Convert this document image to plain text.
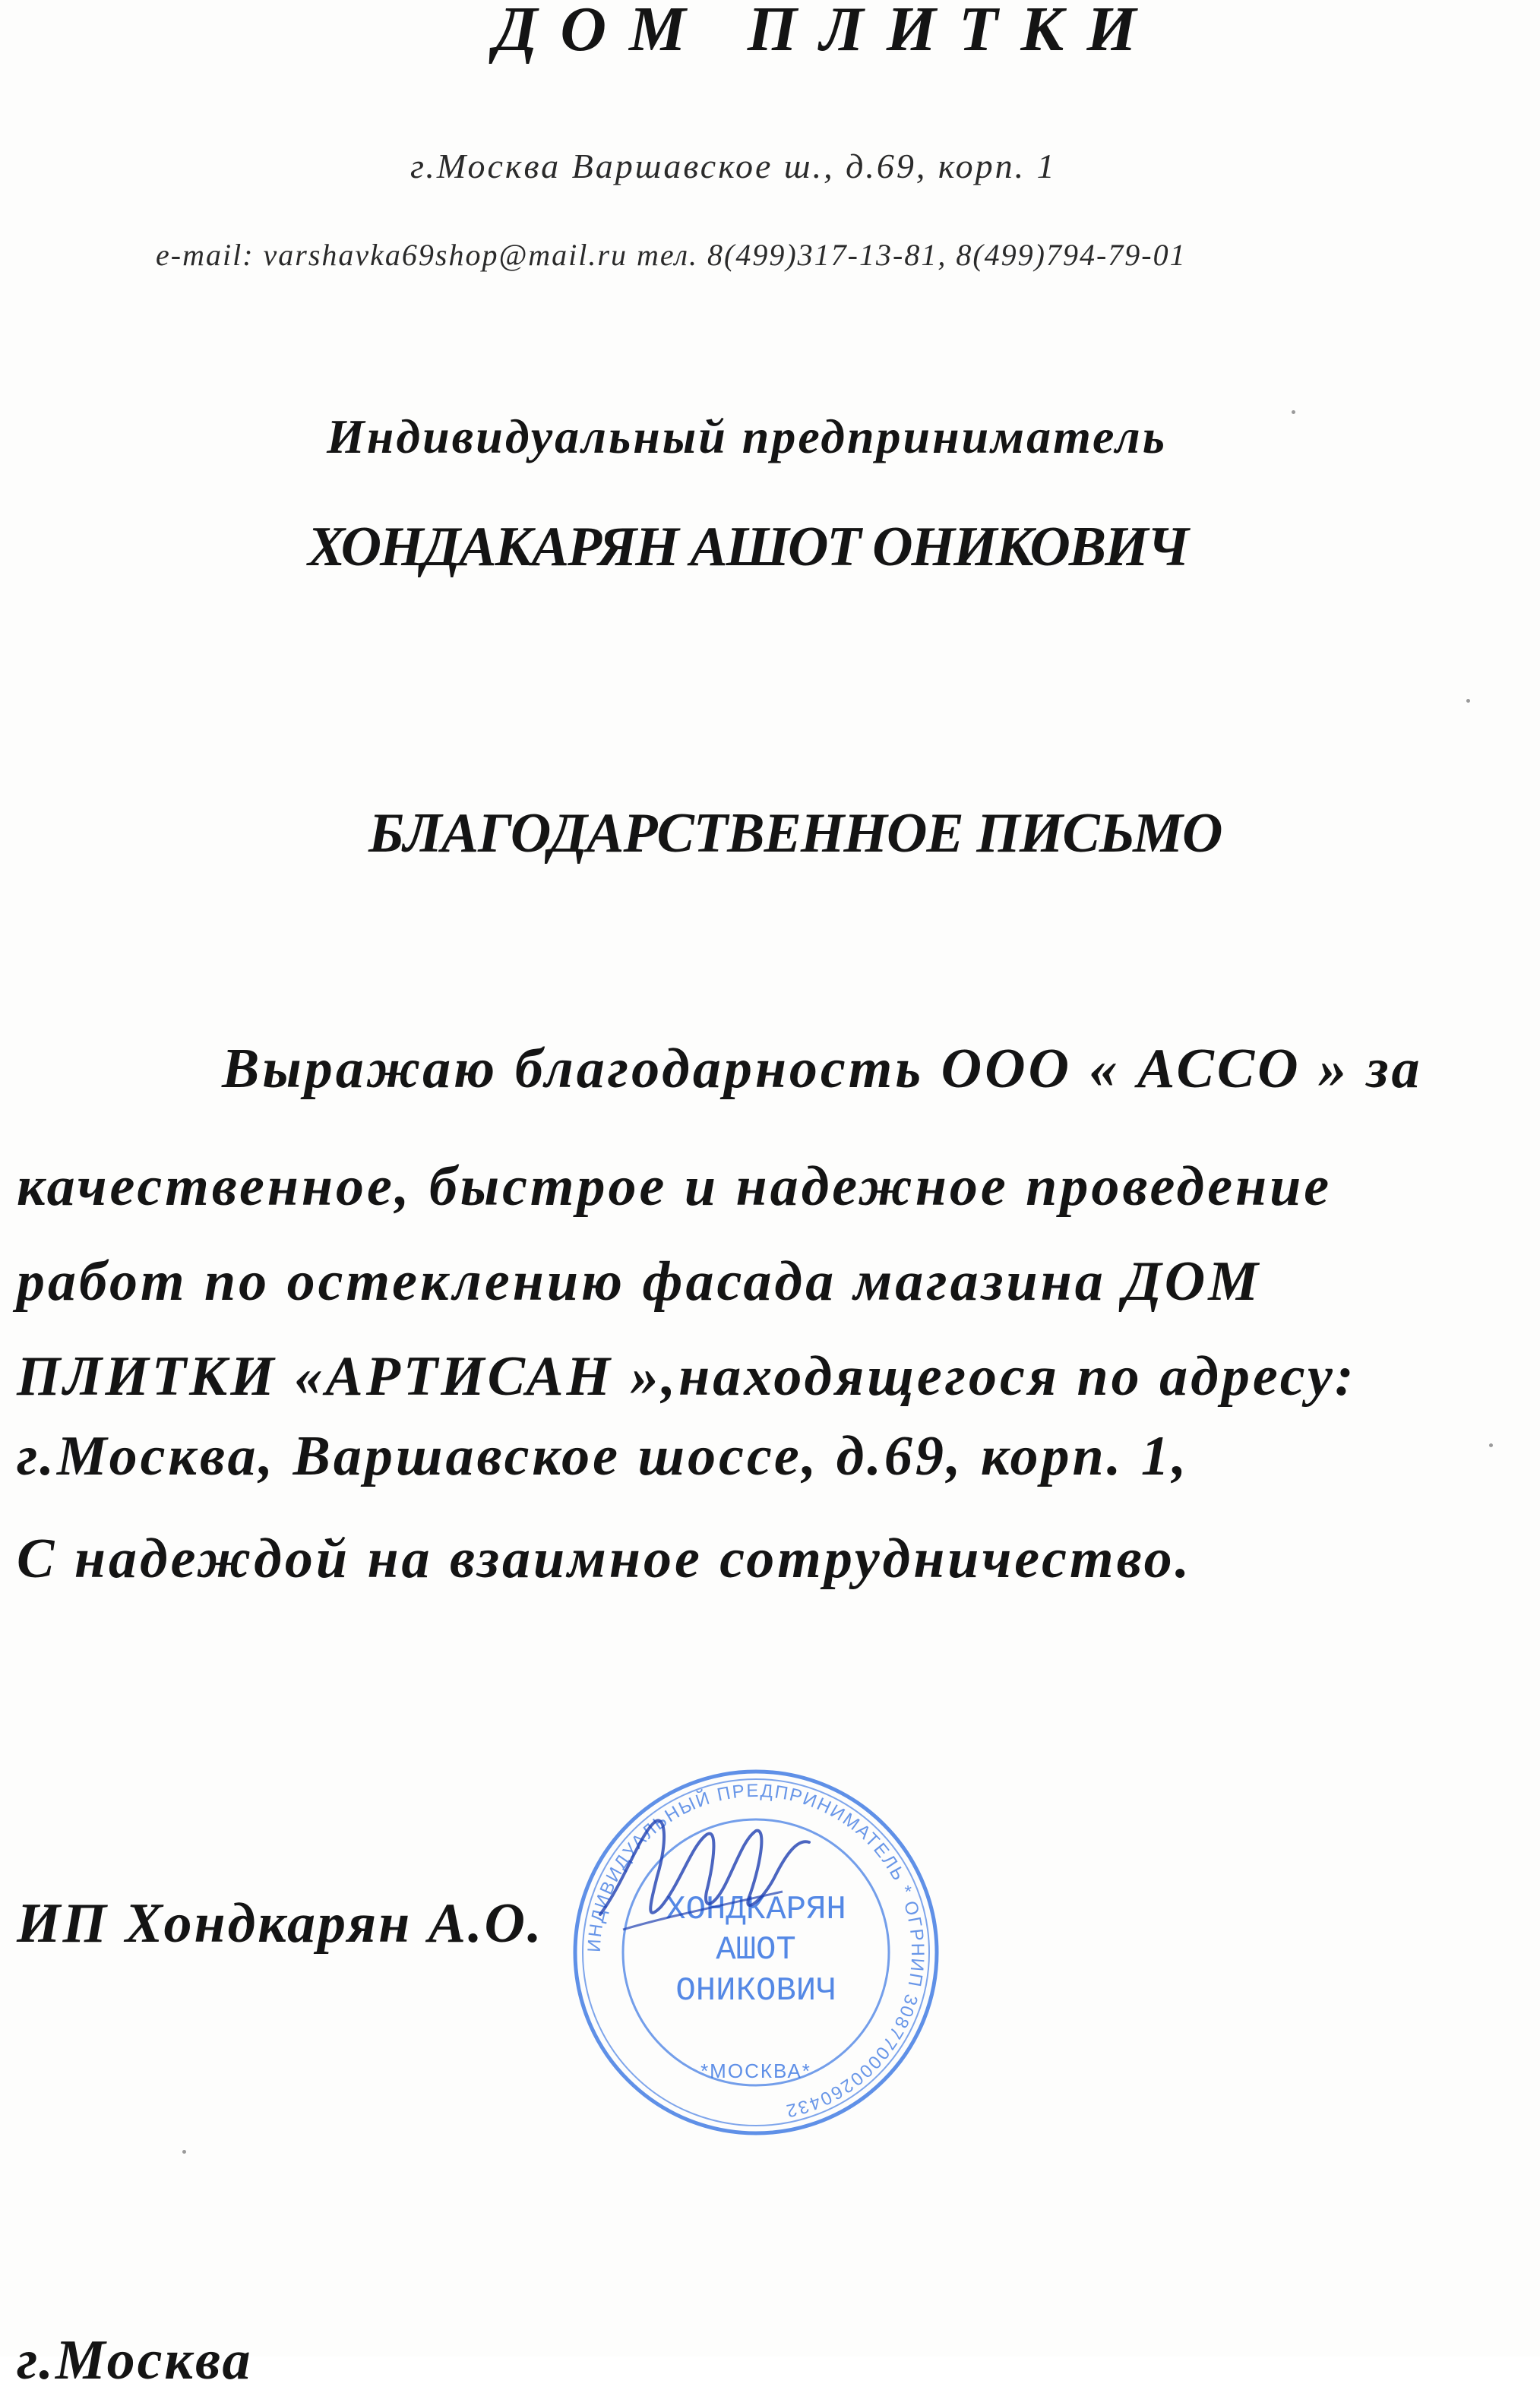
ДОМ ПЛИТКИ
г.Москва Варшавское ш., д.69, корп. 1
e-mail: varshavka69shop@mail.ru тел. 8(499)317-13-81, 8(499)794-79-01
Индивидуальный предприниматель
ХОНДАКАРЯН АШОТ ОНИКОВИЧ
БЛАГОДАРСТВЕННОЕ ПИСЬМО
Выражаю благодарность ООО « АССО » за
качественное, быстрое и надежное проведение
работ по остеклению фасада магазина ДОМ
ПЛИТКИ «АРТИСАН »,находящегося по адресу:
г.Москва, Варшавское шоссе, д.69, корп. 1,
С надеждой на взаимное сотрудничество.
ИП Хондкарян А.О. ИНДИВИДУАЛЬНЫЙ ПРЕДПРИНИМАТЕЛЬ * ОГРНИП 308770000260432
ХОНДКАРЯН
АШОТ
ОНИКОВИЧ
*МОСКВА*
г.Москва
